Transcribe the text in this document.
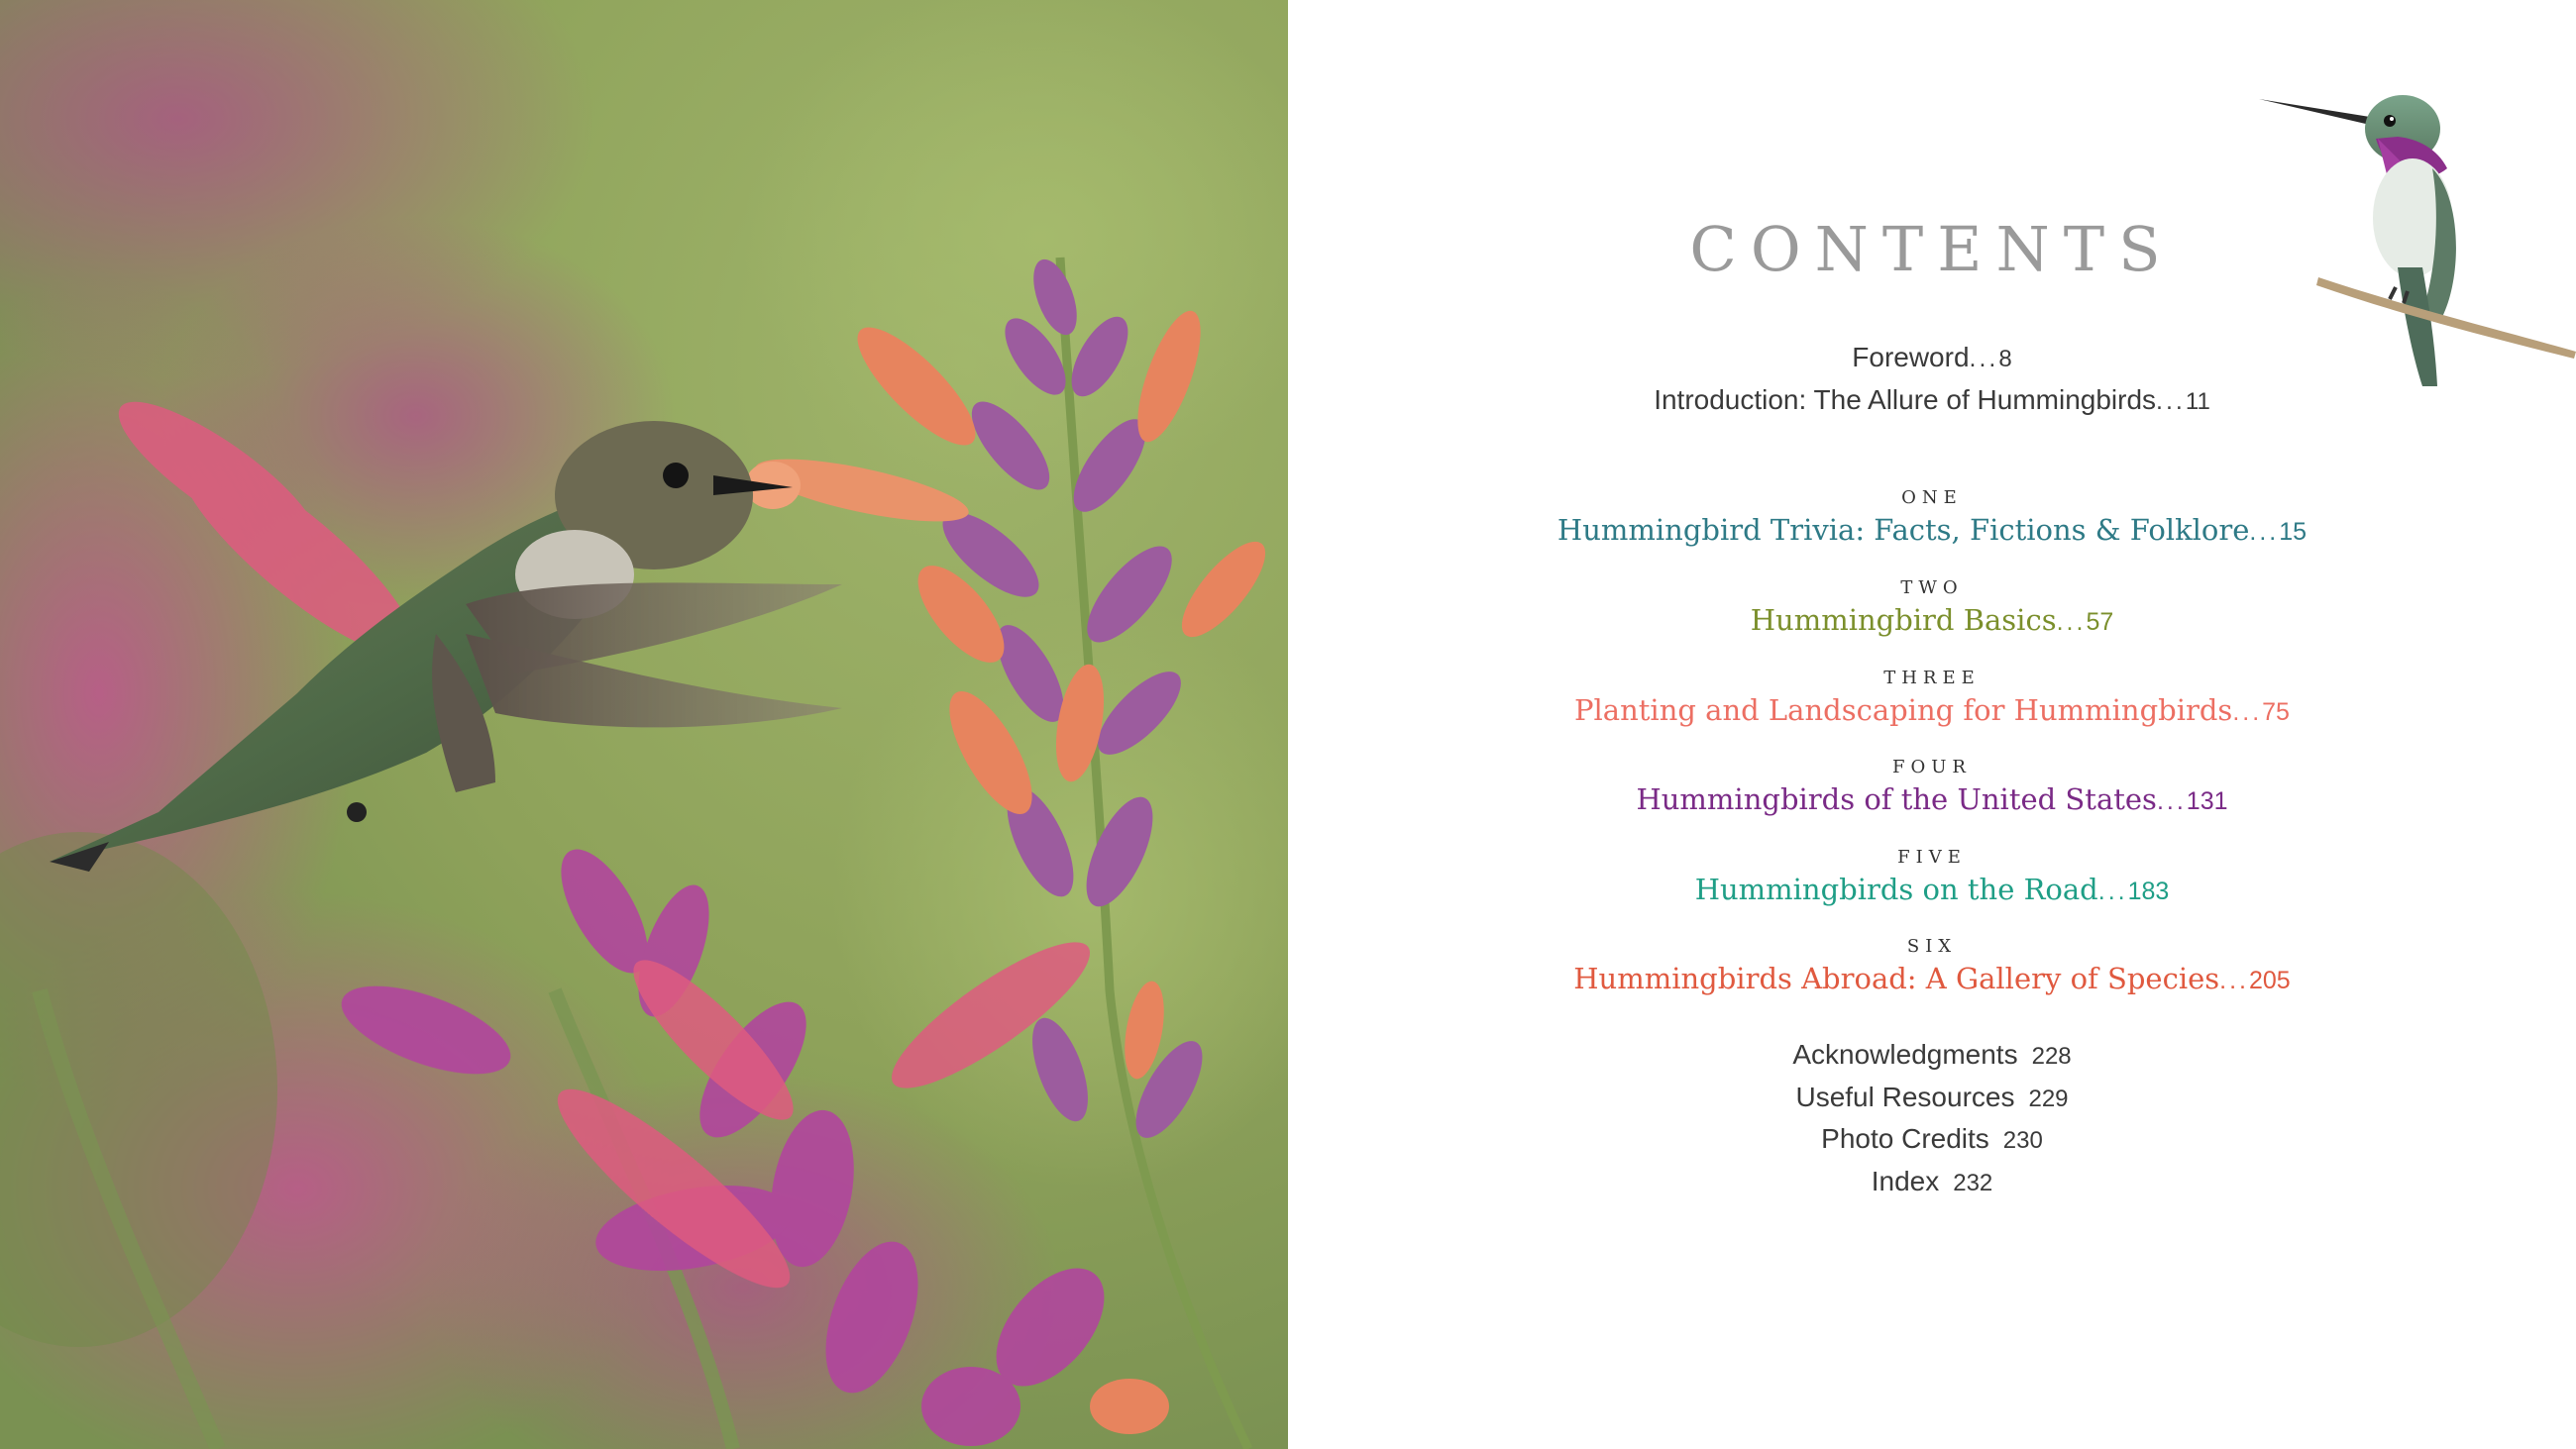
CONTENTS
Foreword...8
Introduction: The Allure of Hummingbirds...11
ONE
Hummingbird Trivia: Facts, Fictions & Folklore...15
TWO
Hummingbird Basics...57
THREE
Planting and Landscaping for Hummingbirds...75
FOUR
Hummingbirds of the United States...131
FIVE
Hummingbirds on the Road...183
SIX
Hummingbirds Abroad: A Gallery of Species...205
Acknowledgments 228
Useful Resources 229
Photo Credits 230
Index 232
